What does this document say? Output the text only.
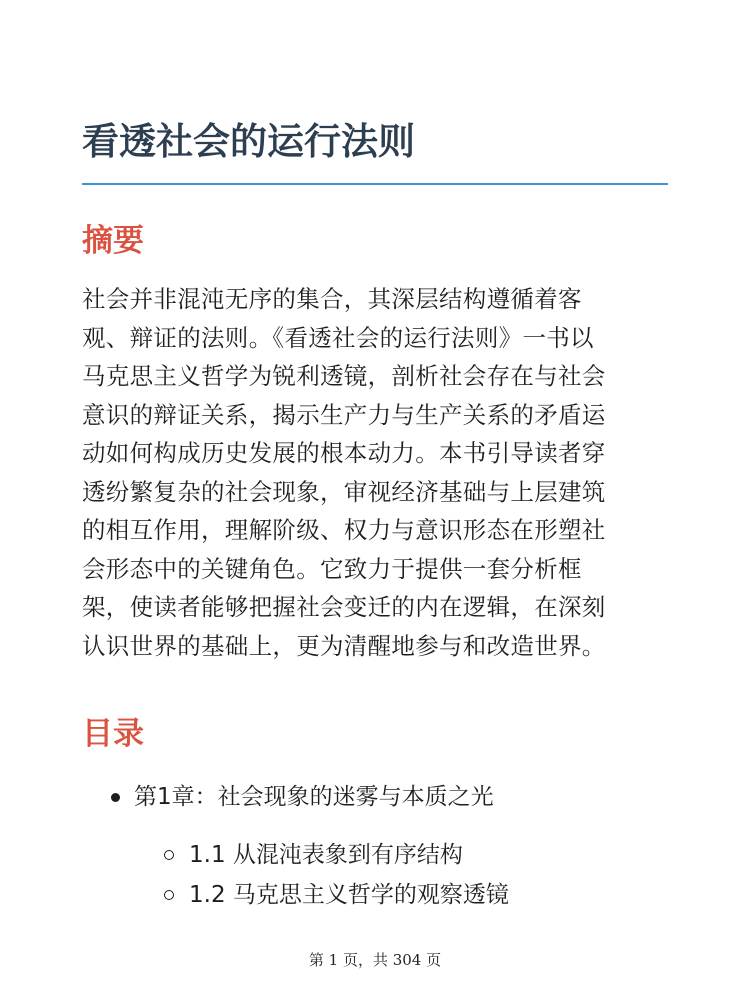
看透社会的运行法则
摘要

社会并非混沌无序的集合，其深层结构遵循着客
观、辩证的法则。《看透社会的运行法则》一书以
马克思主义哲学为锐利透镜，剖析社会存在与社会
意识的辩证关系，揭示生产力与生产关系的矛盾运
动如何构成历史发展的根本动力。本书引导读者穿
透纷繁复杂的社会现象，审视经济基础与上层建筑
的相互作用，理解阶级、权力与意识形态在形塑社
会形态中的关键角色。它致力于提供一套分析框
架，使读者能够把握社会变迁的内在逻辑，在深刻
认识世界的基础上，更为清醒地参与和改造世界。

目录
第1章：社会现象的迷雾与本质之光
1.1 从混沌表象到有序结构
1.2 马克思主义哲学的观察透镜
第 1 页，共 304 页
